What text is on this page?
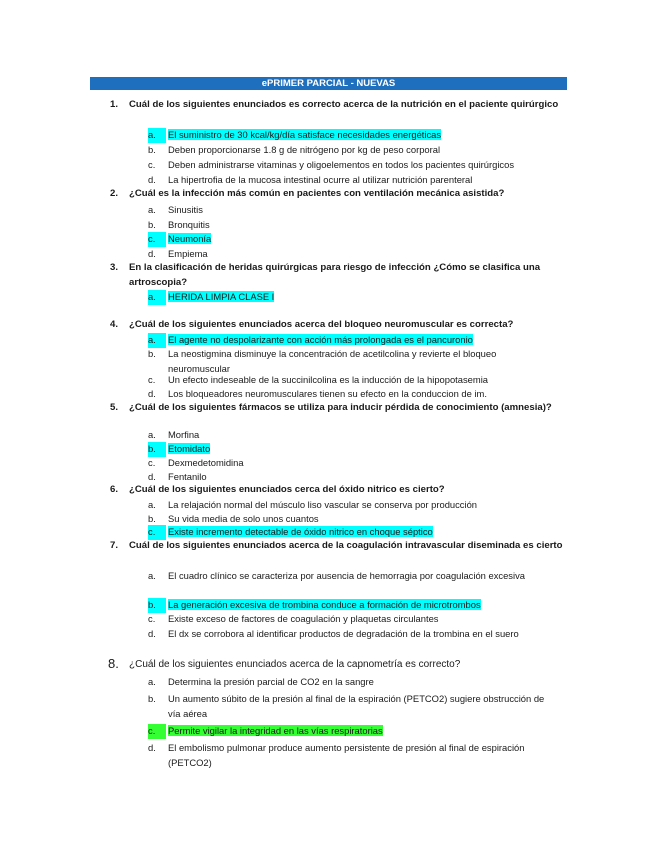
ePRIMER PARCIAL - NUEVAS
1.	Cuál de los siguientes enunciados es correcto acerca de la nutrición en el paciente quirúrgico
a.	El suministro de 30 kcal/kg/día satisface necesidades energéticas
b.	Deben proporcionarse 1.8 g de nitrógeno por kg de peso corporal
c.	Deben administrarse vitaminas y oligoelementos en todos los pacientes quirúrgicos
d.	La hipertrofia de la mucosa intestinal ocurre al utilizar nutrición parenteral
2.	¿Cuál es la infección más común en pacientes con ventilación mecánica asistida?
a.	Sinusitis
b.	Bronquitis
c.	Neumonía
d.	Empiema
3.	En la clasificación de heridas quirúrgicas para riesgo de infección ¿Cómo se clasifica una artroscopia?
a.	HERIDA LIMPIA CLASE I
4.	¿Cuál de los siguientes enunciados acerca del bloqueo neuromuscular es correcta?
a.	El agente no despolarizante con acción más prolongada es el pancuronio
b.	La neostigmina disminuye la concentración de acetilcolina y revierte el bloqueo neuromuscular
c.	Un efecto indeseable de la succinilcolina es la inducción de la hipopotasemia
d.	Los bloqueadores neuromusculares tienen su efecto en la conduccion de im.
5.	¿Cuál de los siguientes fármacos se utiliza para inducir pérdida de conocimiento (amnesia)?
a.	Morfina
b.	Etomidato
c.	Dexmedetomidina
d.	Fentanilo
6.	¿Cuál de los siguientes enunciados cerca del óxido nitrico es cierto?
a.	La relajación normal del músculo liso vascular se conserva por producción
b.	Su vida media de solo unos cuantos
c.	Existe incremento detectable de óxido nitrico en choque séptico
7.	Cuál de los siguientes enunciados acerca de la coagulación intravascular diseminada es cierto
a.	El cuadro clínico se caracteriza por ausencia de hemorragia por coagulación excesiva
b.	La generación excesiva de trombina conduce a formación de microtrombos
c.	Existe exceso de factores de coagulación y plaquetas circulantes
d.	El dx se corrobora al identificar productos de degradación de la trombina en el suero
8.	¿Cuál de los siguientes enunciados acerca de la capnometría es correcto?
a.	Determina la presión parcial de CO2 en la sangre
b.	Un aumento súbito de la presión al final de la espiración (PETCO2) sugiere obstrucción de vía aérea
c.	Permite vigilar la integridad en las vías respiratorias
d.	El embolismo pulmonar produce aumento persistente de presión al final de espiración (PETCO2)
